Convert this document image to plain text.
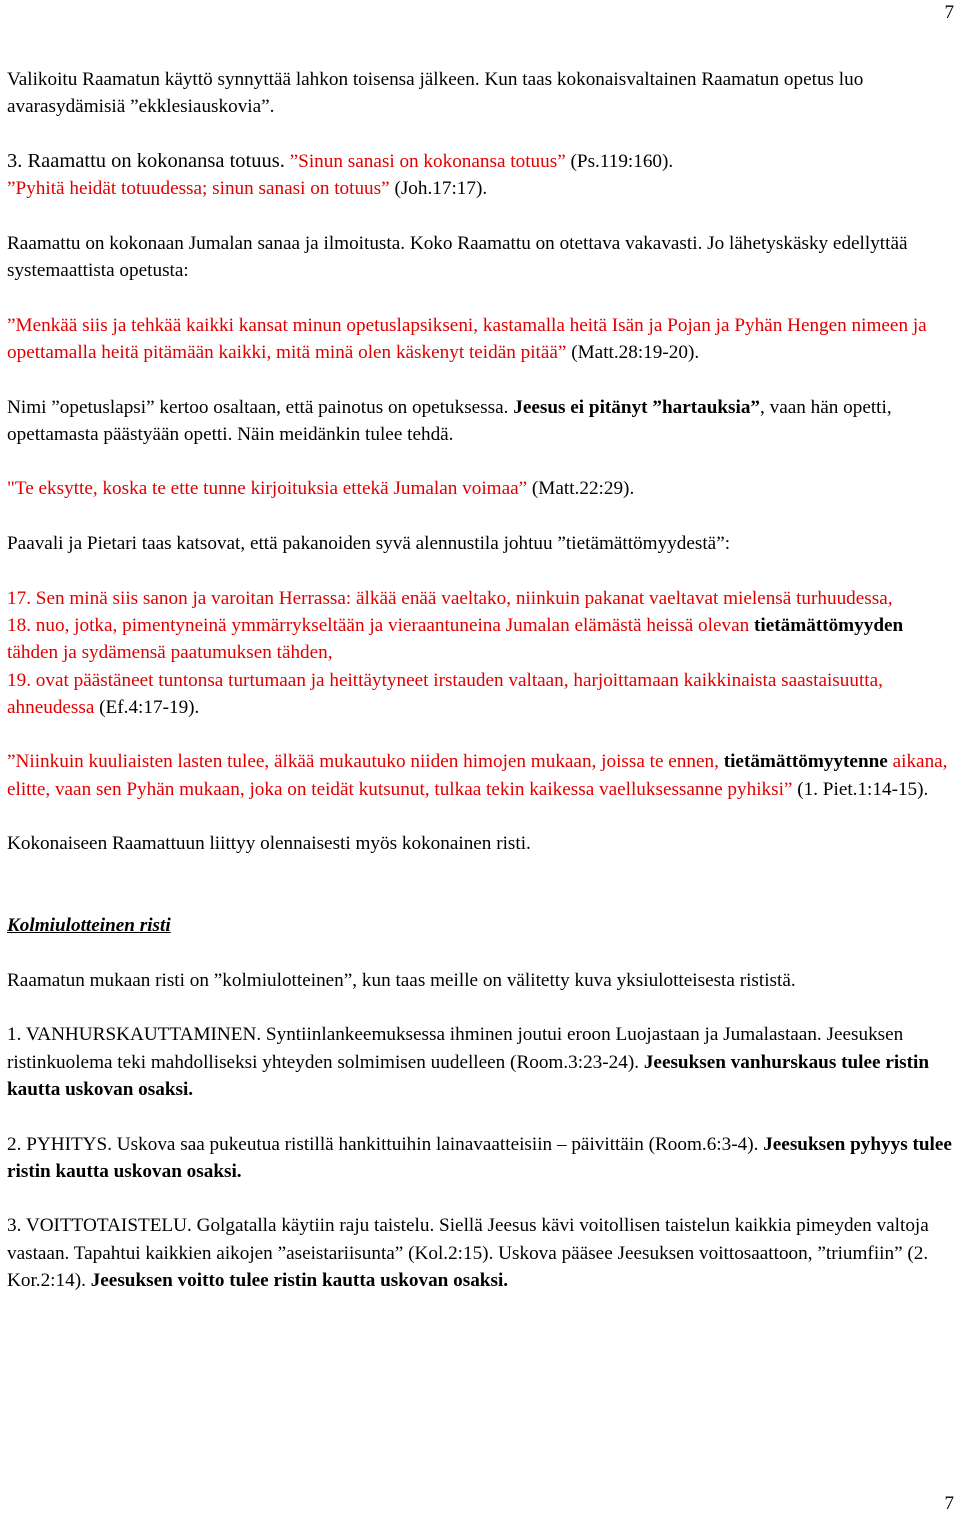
7

Valikoitu Raamatun käyttö synnyttää lahkon toisensa jälkeen. Kun taas kokonaisvaltainen Raamatun opetus luo avarasydämisiä ”ekklesiauskovia”.

3. Raamattu on kokonansa totuus. ”Sinun sanasi on kokonansa totuus” (Ps.119:160).
”Pyhitä heidät totuudessa; sinun sanasi on totuus” (Joh.17:17).

Raamattu on kokonaan Jumalan sanaa ja ilmoitusta. Koko Raamattu on otettava vakavasti. Jo lähetyskäsky edellyttää systemaattista opetusta:

”Menkää siis ja tehkää kaikki kansat minun opetuslapsikseni, kastamalla heitä Isän ja Pojan ja Pyhän Hengen nimeen ja opettamalla heitä pitämään kaikki, mitä minä olen käskenyt teidän pitää” (Matt.28:19-20).

Nimi ”opetuslapsi” kertoo osaltaan, että painotus on opetuksessa. Jeesus ei pitänyt ”hartauksia”, vaan hän opetti, opettamasta päästyään opetti. Näin meidänkin tulee tehdä.

"Te eksytte, koska te ette tunne kirjoituksia ettekä Jumalan voimaa” (Matt.22:29).

Paavali ja Pietari taas katsovat, että pakanoiden syvä alennustila johtuu ”tietämättömyydestä”:

17. Sen minä siis sanon ja varoitan Herrassa: älkää enää vaeltako, niinkuin pakanat vaeltavat mielensä turhuudessa,
18. nuo, jotka, pimentyneinä ymmärrykseltään ja vieraantuneina Jumalan elämästä heissä olevan tietämättömyyden tähden ja sydämensä paatumuksen tähden,
19. ovat päästäneet tuntonsa turtumaan ja heittäytyneet irstauden valtaan, harjoittamaan kaikkinaista saastaisuutta, ahneudessa (Ef.4:17-19).

”Niinkuin kuuliaisten lasten tulee, älkää mukautuko niiden himojen mukaan, joissa te ennen, tietämättömyytenne aikana, elitte, vaan sen Pyhän mukaan, joka on teidät kutsunut, tulkaa tekin kaikessa vaelluksessanne pyhiksi” (1. Piet.1:14-15).

Kokonaiseen Raamattuun liittyy olennaisesti myös kokonainen risti.

Kolmiulotteinen risti

Raamatun mukaan risti on ”kolmiulotteinen”, kun taas meille on välitetty kuva yksiulotteisesta rististä.

1. VANHURSKAUTTAMINEN. Syntiinlankeemuksessa ihminen joutui eroon Luojastaan ja Jumalastaan. Jeesuksen ristinkuolema teki mahdolliseksi yhteyden solmimisen uudelleen (Room.3:23-24). Jeesuksen vanhurskaus tulee ristin kautta uskovan osaksi.

2. PYHITYS. Uskova saa pukeutua ristillä hankittuihin lainavaatteisiin – päivittäin (Room.6:3-4). Jeesuksen pyhyys tulee ristin kautta uskovan osaksi.

3. VOITTOTAISTELU. Golgatalla käytiin raju taistelu. Siellä Jeesus kävi voitollisen taistelun kaikkia pimeyden valtoja vastaan. Tapahtui kaikkien aikojen ”aseistariisunta” (Kol.2:15). Uskova pääsee Jeesuksen voittosaattoon, ”triumfiin” (2. Kor.2:14). Jeesuksen voitto tulee ristin kautta uskovan osaksi.

7
